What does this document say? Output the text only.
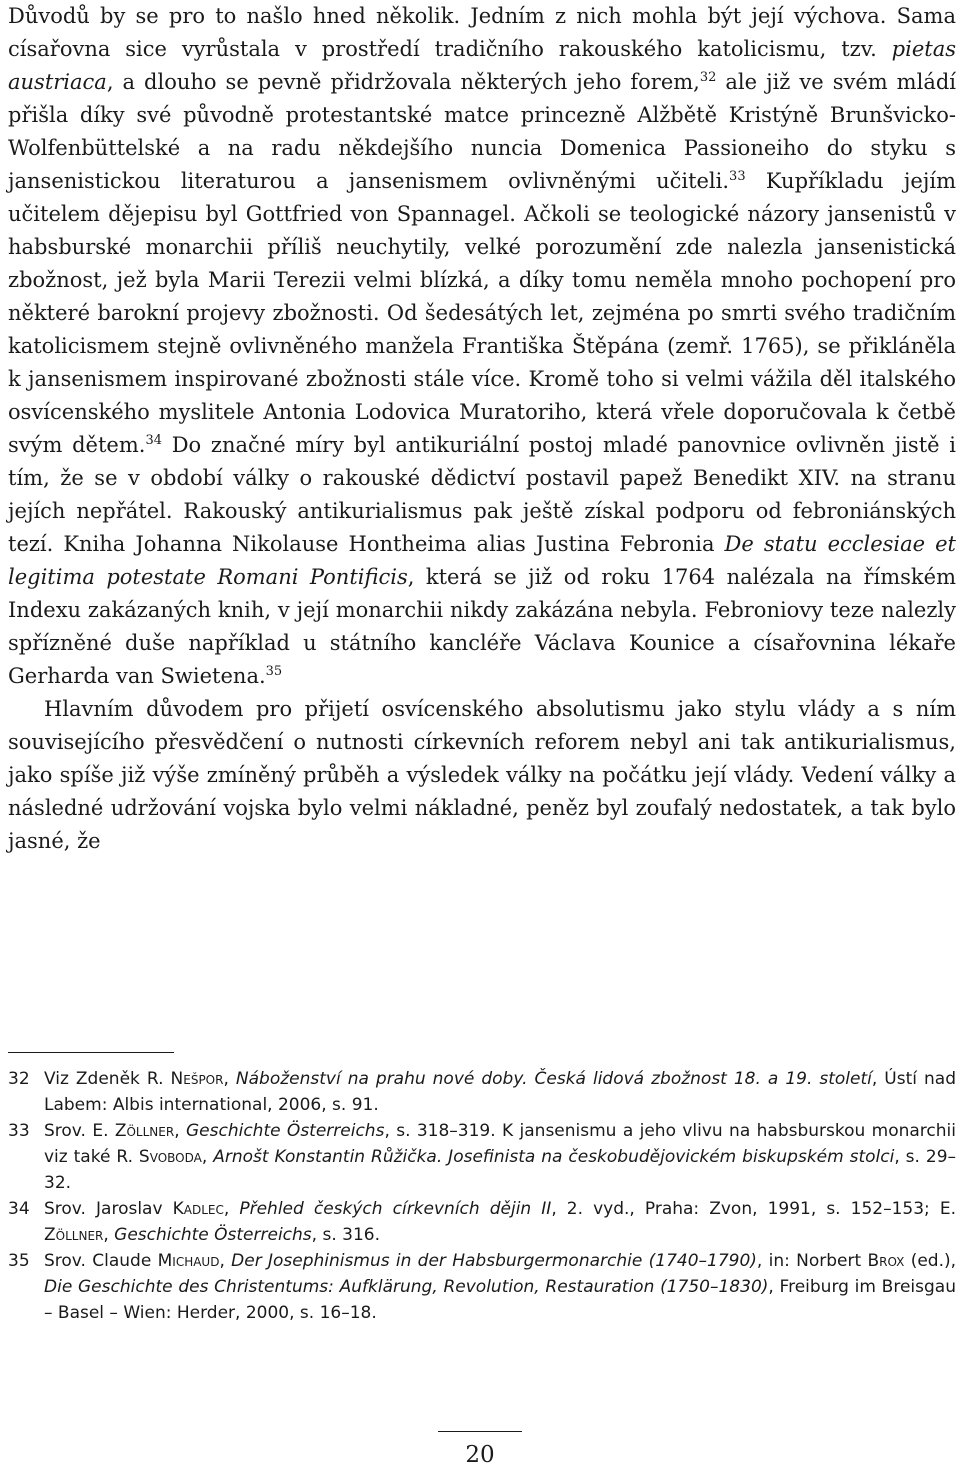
Důvodů by se pro to našlo hned několik. Jedním z nich mohla být její výchova. Sama císařovna sice vyrůstala v prostředí tradičního rakouského katolicismu, tzv. pietas austriaca, a dlouho se pevně přidržovala některých jeho forem,$^{32}$ ale již ve svém mládí přišla díky své původně protestantské matce princezně Alžbětě Kristýně Brunšvicko-Wolfenbüttelské a na radu někdejšího nuncia Domenica Passioneiho do styku s jansenistickou literaturou a jansenismem ovlivněnými učiteli.$^{33}$ Kupříkladu jejím učitelem dějepisu byl Gottfried von Spannagel. Ačkoli se teologické názory jansenistů v habsburské monarchii příliš neuchytily, velké porozumění zde nalezla jansenistická zbožnost, jež byla Marii Terezii velmi blízká, a díky tomu neměla mnoho pochopení pro některé barokní projevy zbožnosti. Od šedesátých let, zejména po smrti svého tradičním katolicismem stejně ovlivněného manžela Františka Štěpána (zemř. 1765), se přikláněla k jansenismem inspirované zbožnosti stále více. Kromě toho si velmi vážila děl italského osvícenského myslitele Antonia Lodovica Muratoriho, která vřele doporučovala k četbě svým dětem.$^{34}$ Do značné míry byl antikuriální postoj mladé panovnice ovlivněn jistě i tím, že se v období války o rakouské dědictví postavil papež Benedikt XIV. na stranu jejích nepřátel. Rakouský antikurialismus pak ještě získal podporu od febroniánských tezí. Kniha Johanna Nikolause Hontheima alias Justina Febronia De statu ecclesiae et legitima potestate Romani Pontificis, která se již od roku 1764 nalézala na římském Indexu zakázaných knih, v její monarchii nikdy zakázána nebyla. Febroniovy teze nalezly spřízněné duše například u státního kancléře Václava Kounice a císařovnina lékaře Gerharda van Swietena.$^{35}$

Hlavním důvodem pro přijetí osvícenského absolutismu jako stylu vlády a s ním souvisejícího přesvědčení o nutnosti církevních reforem nebyl ani tak antikurialismus, jako spíše již výše zmíněný průběh a výsledek války na počátku její vlády. Vedení války a následné udržování vojska bylo velmi nákladné, peněz byl zoufalý nedostatek, a tak bylo jasné, že

32 Viz Zdeněk R. Nešpor, Náboženství na prahu nové doby. Česká lidová zbožnost 18. a 19. století, Ústí nad Labem: Albis international, 2006, s. 91.
33 Srov. E. Zöllner, Geschichte Österreichs, s. 318–319. K jansenismu a jeho vlivu na habsburskou monarchii viz také R. Svoboda, Arnošt Konstantin Růžička. Josefinista na českobudějovickém biskupském stolci, s. 29–32.
34 Srov. Jaroslav Kadlec, Přehled českých církevních dějin II, 2. vyd., Praha: Zvon, 1991, s. 152–153; E. Zöllner, Geschichte Österreichs, s. 316.
35 Srov. Claude Michaud, Der Josephinismus in der Habsburgermonarchie (1740–1790), in: Norbert Brox (ed.), Die Geschichte des Christentums: Aufklärung, Revolution, Restauration (1750–1830), Freiburg im Breisgau – Basel – Wien: Herder, 2000, s. 16–18.
20
